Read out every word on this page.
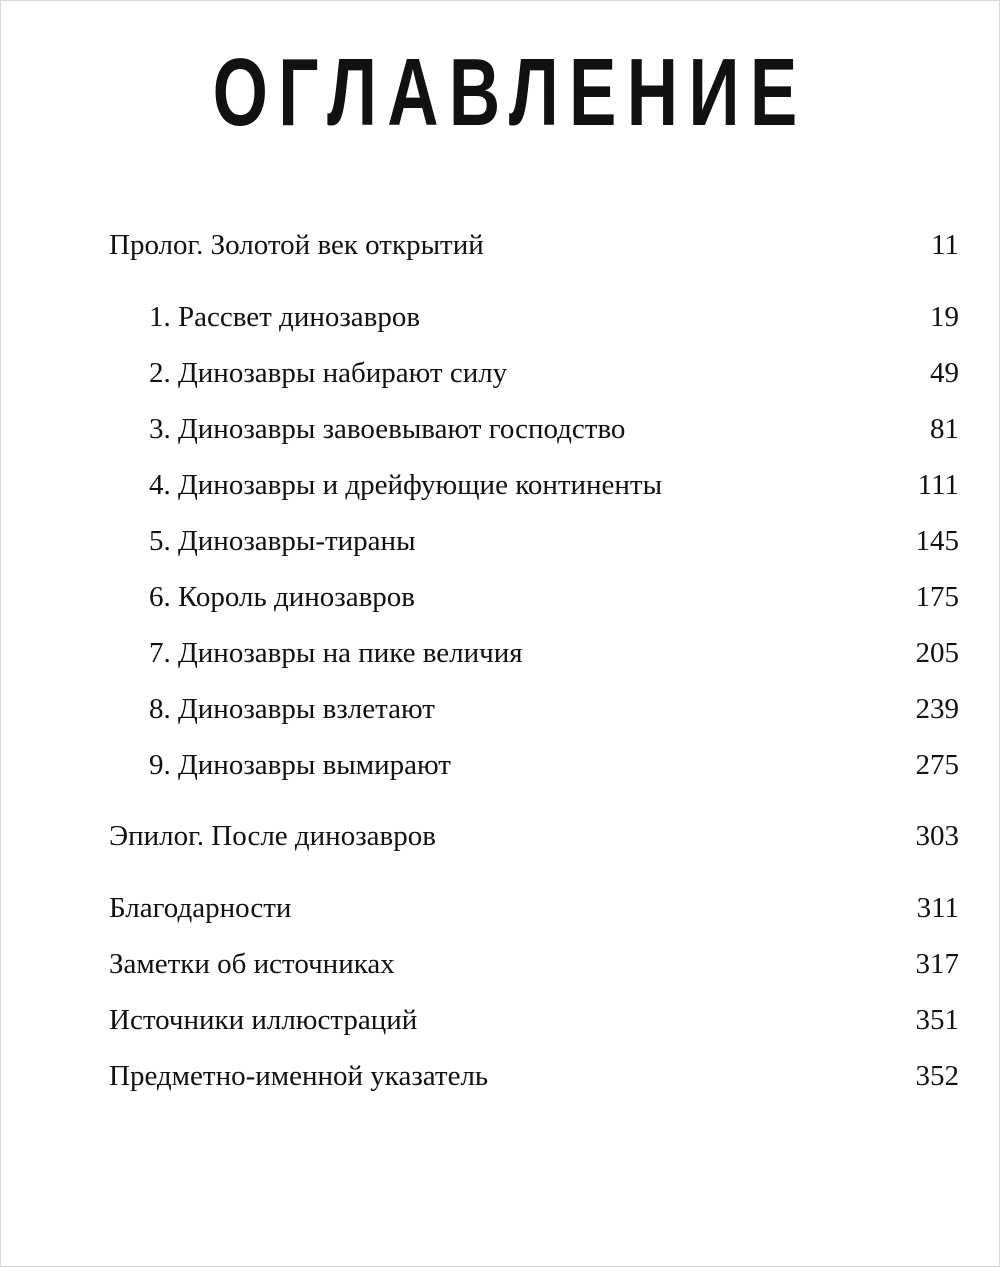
ОГЛАВЛЕНИЕ
Пролог. Золотой век открытий	11
1. Рассвет динозавров	19
2. Динозавры набирают силу	49
3. Динозавры завоевывают господство	81
4. Динозавры и дрейфующие континенты	111
5. Динозавры-тираны	145
6. Король динозавров	175
7. Динозавры на пике величия	205
8. Динозавры взлетают	239
9. Динозавры вымирают	275
Эпилог. После динозавров	303
Благодарности	311
Заметки об источниках	317
Источники иллюстраций	351
Предметно-именной указатель	352
